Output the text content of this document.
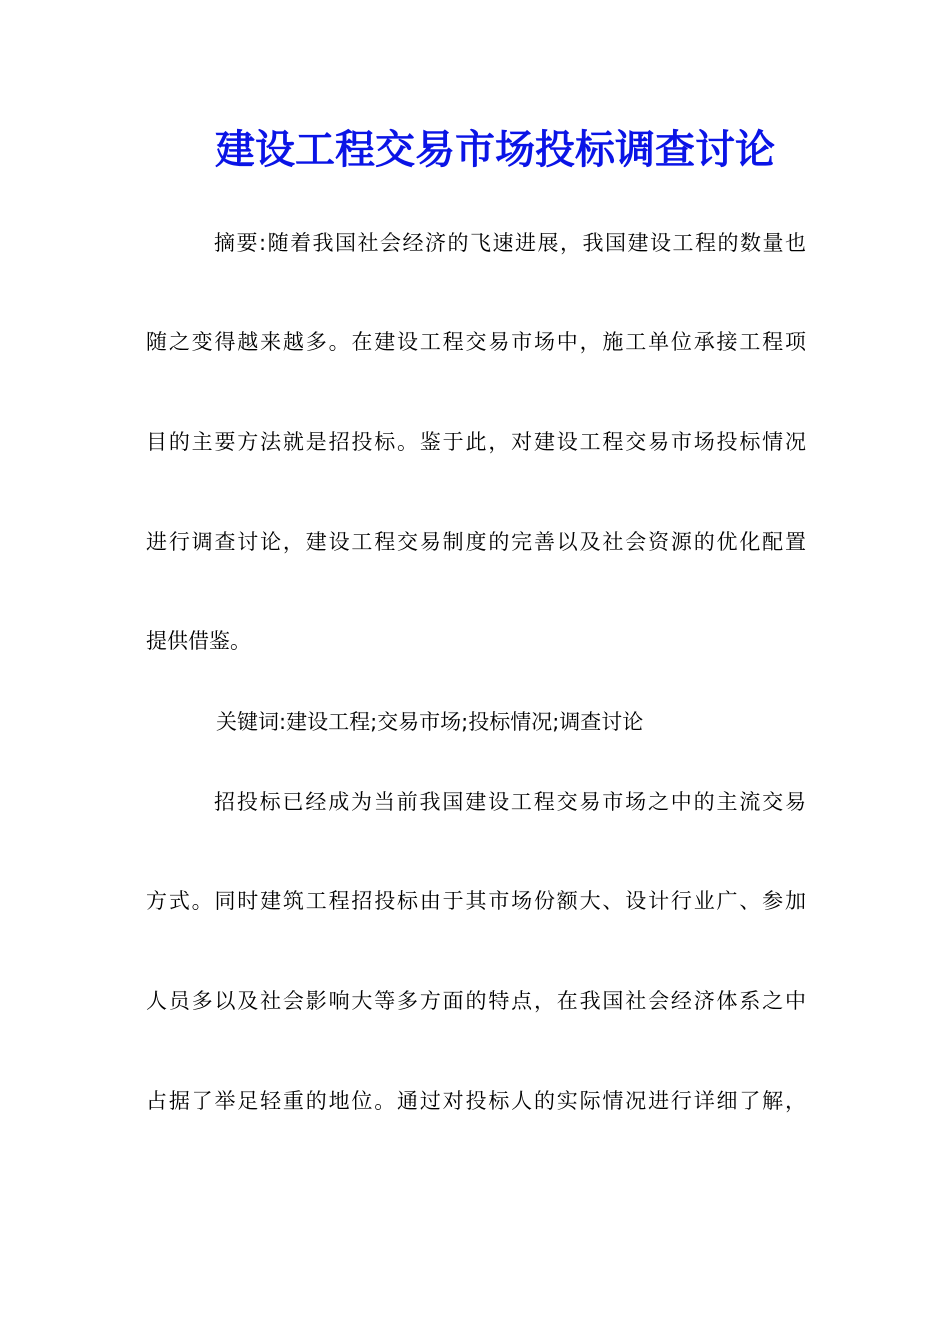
建设工程交易市场投标调查讨论
摘要:随着我国社会经济的飞速进展，我国建设工程的数量也
随之变得越来越多。在建设工程交易市场中，施工单位承接工程项
目的主要方法就是招投标。鉴于此，对建设工程交易市场投标情况
进行调查讨论，建设工程交易制度的完善以及社会资源的优化配置
提供借鉴。
关键词:建设工程;交易市场;投标情况;调查讨论
招投标已经成为当前我国建设工程交易市场之中的主流交易
方式。同时建筑工程招投标由于其市场份额大、设计行业广、参加
人员多以及社会影响大等多方面的特点，在我国社会经济体系之中
占据了举足轻重的地位。通过对投标人的实际情况进行详细了解，
